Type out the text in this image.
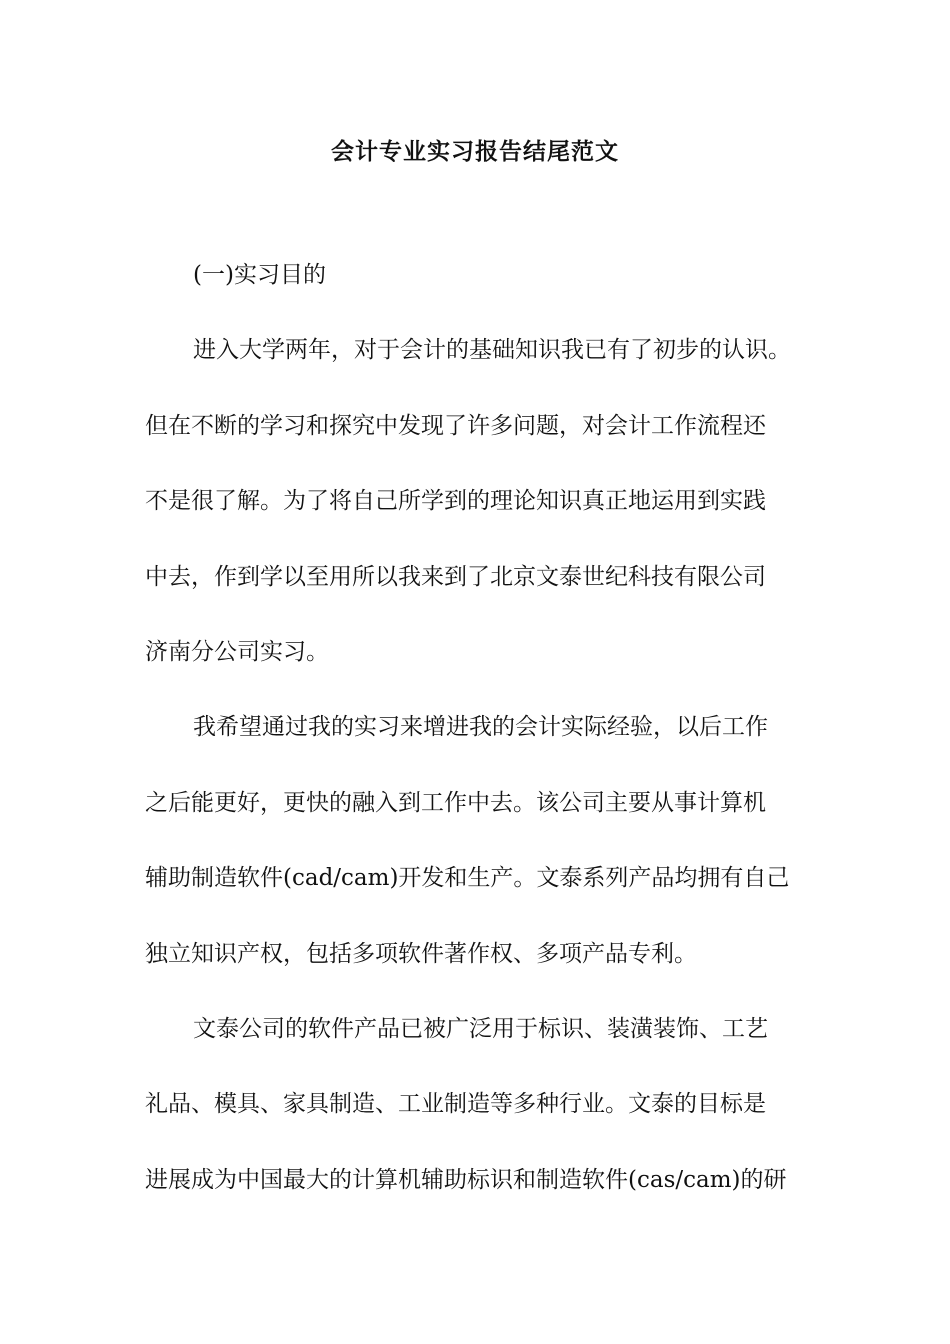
会计专业实习报告结尾范文
(一)实习目的
进入大学两年，对于会计的基础知识我已有了初步的认识。
但在不断的学习和探究中发现了许多问题，对会计工作流程还
不是很了解。为了将自己所学到的理论知识真正地运用到实践
中去，作到学以至用所以我来到了北京文泰世纪科技有限公司
济南分公司实习。
我希望通过我的实习来增进我的会计实际经验，以后工作
之后能更好，更快的融入到工作中去。该公司主要从事计算机
辅助制造软件(cad/cam)开发和生产。文泰系列产品均拥有自己
独立知识产权，包括多项软件著作权、多项产品专利。
文泰公司的软件产品已被广泛用于标识、装潢装饰、工艺
礼品、模具、家具制造、工业制造等多种行业。文泰的目标是
进展成为中国最大的计算机辅助标识和制造软件(cas/cam)的研
